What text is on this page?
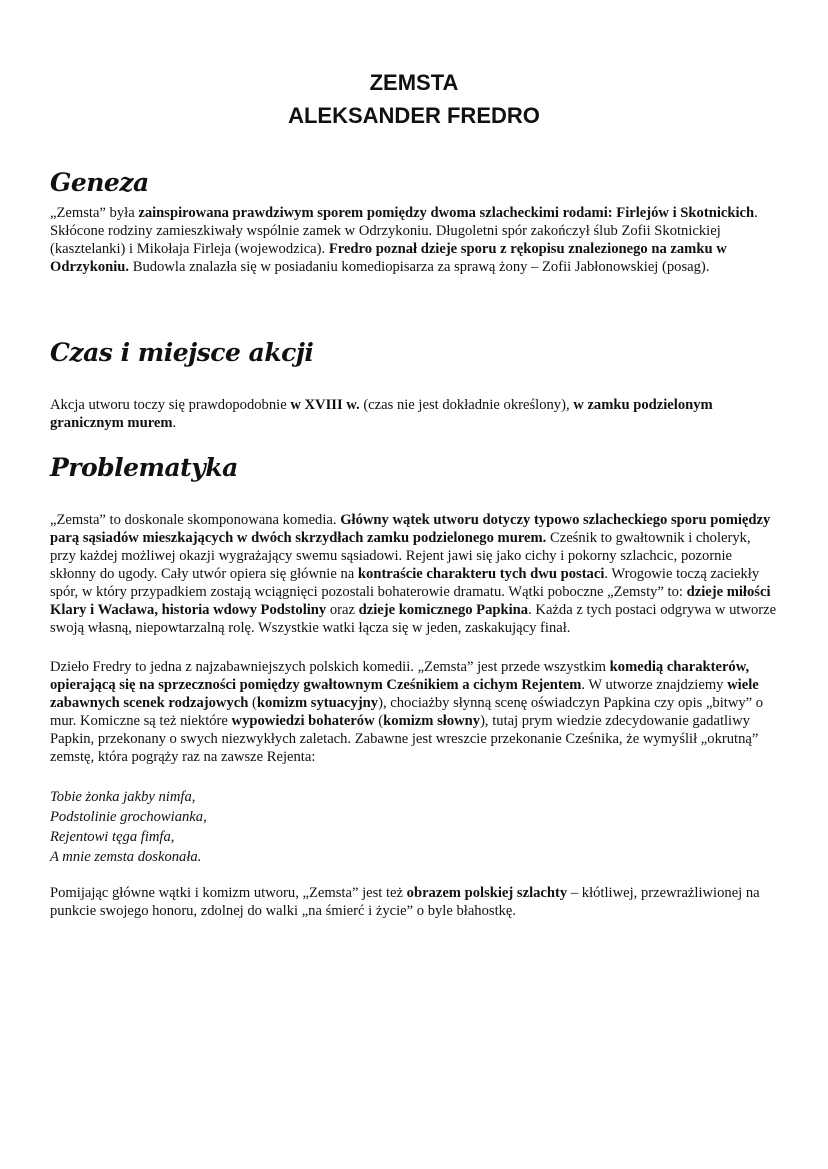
ZEMSTA
ALEKSANDER FREDRO
Geneza
„Zemsta” była zainspirowana prawdziwym sporem pomiędzy dwoma szlacheckimi rodami: Firlejów i Skotnickich. Skłócone rodziny zamieszkiwały wspólnie zamek w Odrzykoniu. Długoletni spór zakończył ślub Zofii Skotnickiej (kasztelanki) i Mikołaja Firleja (wojewodzica). Fredro poznał dzieje sporu z rękopisu znalezionego na zamku w Odrzykoniu. Budowla znalazła się w posiadaniu komediopisarza za sprawą żony – Zofii Jabłonowskiej (posag).
Czas i miejsce akcji
Akcja utworu toczy się prawdopodobnie w XVIII w. (czas nie jest dokładnie określony), w zamku podzielonym granicznym murem.
Problematyka
„Zemsta” to doskonale skomponowana komedia. Główny wątek utworu dotyczy typowo szlacheckiego sporu pomiędzy parą sąsiadów mieszkających w dwóch skrzydłach zamku podzielonego murem. Cześnik to gwałtownik i choleryk, przy każdej możliwej okazji wygrażający swemu sąsiadowi. Rejent jawi się jako cichy i pokorny szlachcic, pozornie skłonny do ugody. Cały utwór opiera się głównie na kontraście charakteru tych dwu postaci. Wrogowie toczą zaciekły spór, w który przypadkiem zostają wciągnięci pozostali bohaterowie dramatu. Wątki poboczne „Zemsty” to: dzieje miłości Klary i Wacława, historia wdowy Podstoliny oraz dzieje komicznego Papkina. Każda z tych postaci odgrywa w utworze swoją własną, niepowtarzalną rolę. Wszystkie watki łącza się w jeden, zaskakujący finał.
Dzieło Fredry to jedna z najzabawniejszych polskich komedii. „Zemsta” jest przede wszystkim komedią charakterów, opierającą się na sprzeczności pomiędzy gwałtownym Cześnikiem a cichym Rejentem. W utworze znajdziemy wiele zabawnych scenek rodzajowych (komizm sytuacyjny), chociażby słynną scenę oświadczyn Papkina czy opis „bitwy” o mur. Komiczne są też niektóre wypowiedzi bohaterów (komizm słowny), tutaj prym wiedzie zdecydowanie gadatliwy Papkin, przekonany o swych niezwykłych zaletach. Zabawne jest wreszcie przekonanie Cześnika, że wymyślił „okrutną” zemstę, która pogrąży raz na zawsze Rejenta:
Tobie żonka jakby nimfa,
Podstolinie grochowianka,
Rejentowi tęga fimfa,
A mnie zemsta doskonała.
Pomijając główne wątki i komizm utworu, „Zemsta” jest też obrazem polskiej szlachty – kłótliwej, przewrażliwionej na punkcie swojego honoru, zdolnej do walki „na śmierć i życie” o byle błahostkę.
